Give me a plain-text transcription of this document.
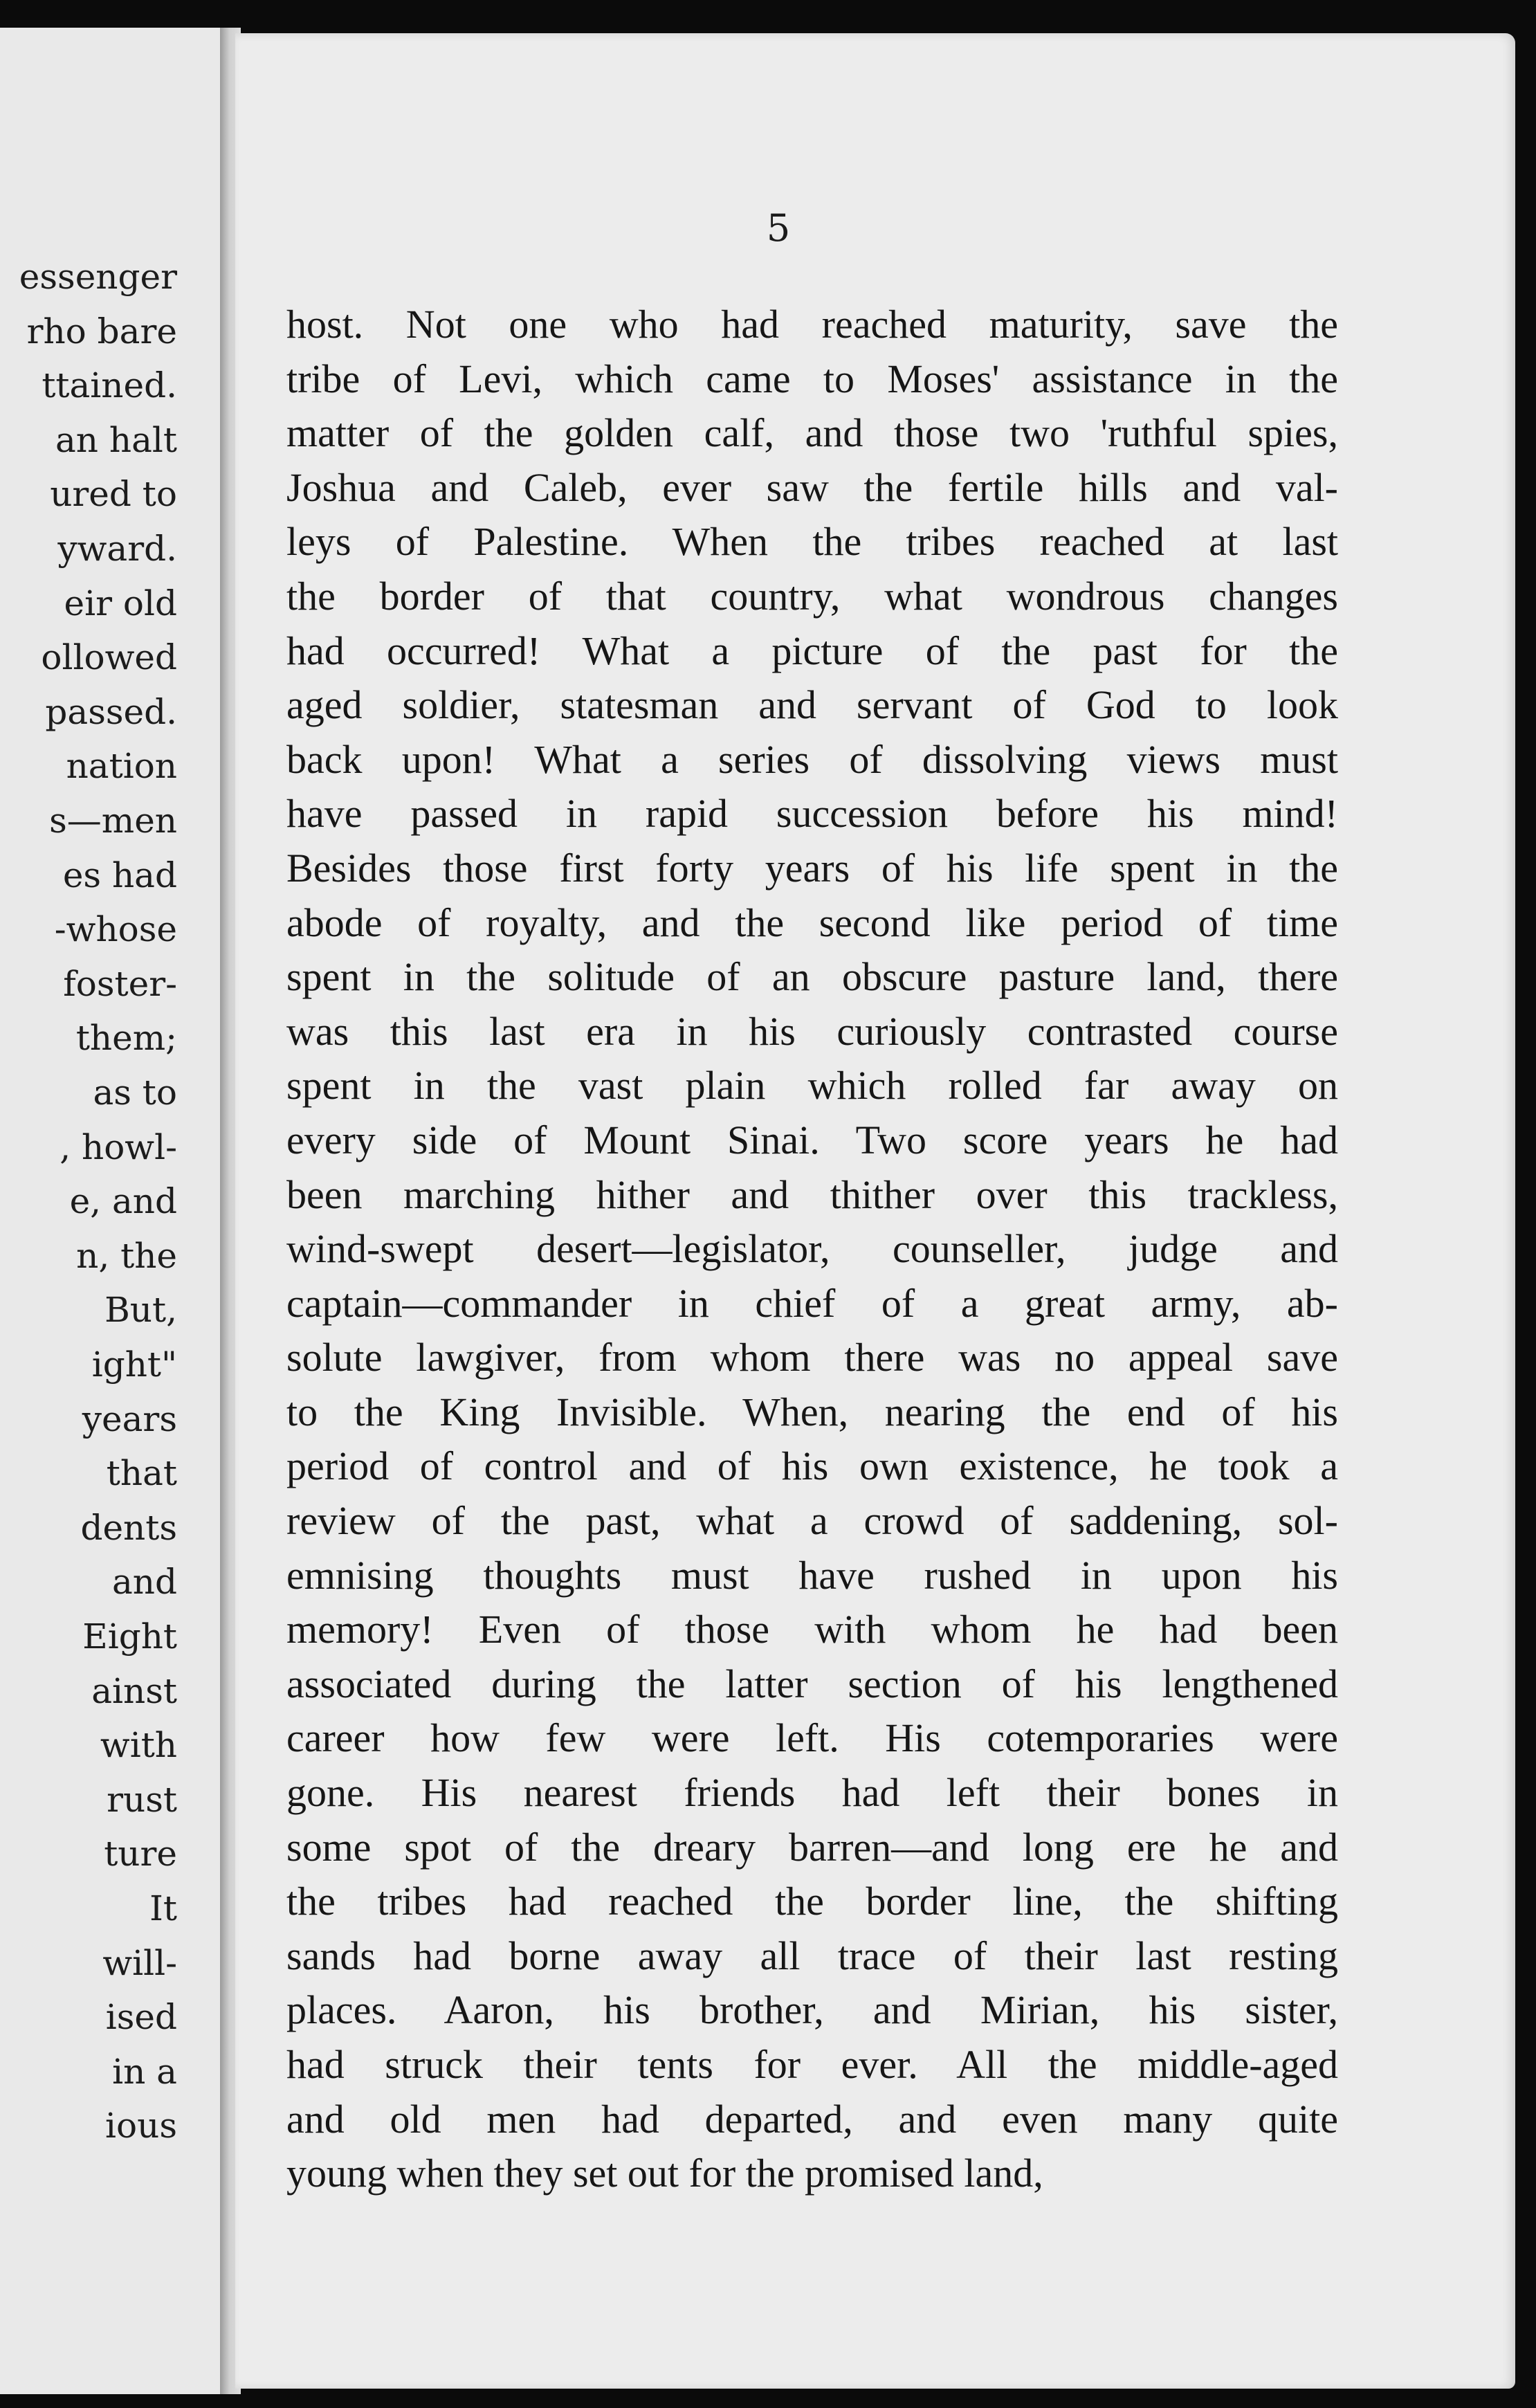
essenger
rho bare
ttained.
an halt
ured to
yward.
eir old
ollowed
passed.
nation
s—men
es had
-whose
foster-
them;
as to
, howl-
e, and
n, the
But,
ight"
years
that
dents
and
Eight
ainst
with
rust
ture
It
will-
ised
in a
ious
5
host. Not one who had reached maturity, save the
tribe of Levi, which came to Moses' assistance in the
matter of the golden calf, and those two 'ruthful spies,
Joshua and Caleb, ever saw the fertile hills and val-
leys of Palestine. When the tribes reached at last
the border of that country, what wondrous changes
had occurred! What a picture of the past for the
aged soldier, statesman and servant of God to look
back upon! What a series of dissolving views must
have passed in rapid succession before his mind!
Besides those first forty years of his life spent in the
abode of royalty, and the second like period of time
spent in the solitude of an obscure pasture land, there
was this last era in his curiously contrasted course
spent in the vast plain which rolled far away on
every side of Mount Sinai. Two score years he had
been marching hither and thither over this trackless,
wind-swept desert—legislator, counseller, judge and
captain—commander in chief of a great army, ab-
solute lawgiver, from whom there was no appeal save
to the King Invisible. When, nearing the end of his
period of control and of his own existence, he took a
review of the past, what a crowd of saddening, sol-
emnising thoughts must have rushed in upon his
memory! Even of those with whom he had been
associated during the latter section of his lengthened
career how few were left. His cotemporaries were
gone. His nearest friends had left their bones in
some spot of the dreary barren—and long ere he and
the tribes had reached the border line, the shifting
sands had borne away all trace of their last resting
places. Aaron, his brother, and Mirian, his sister,
had struck their tents for ever. All the middle-aged
and old men had departed, and even many quite
young when they set out for the promised land,
